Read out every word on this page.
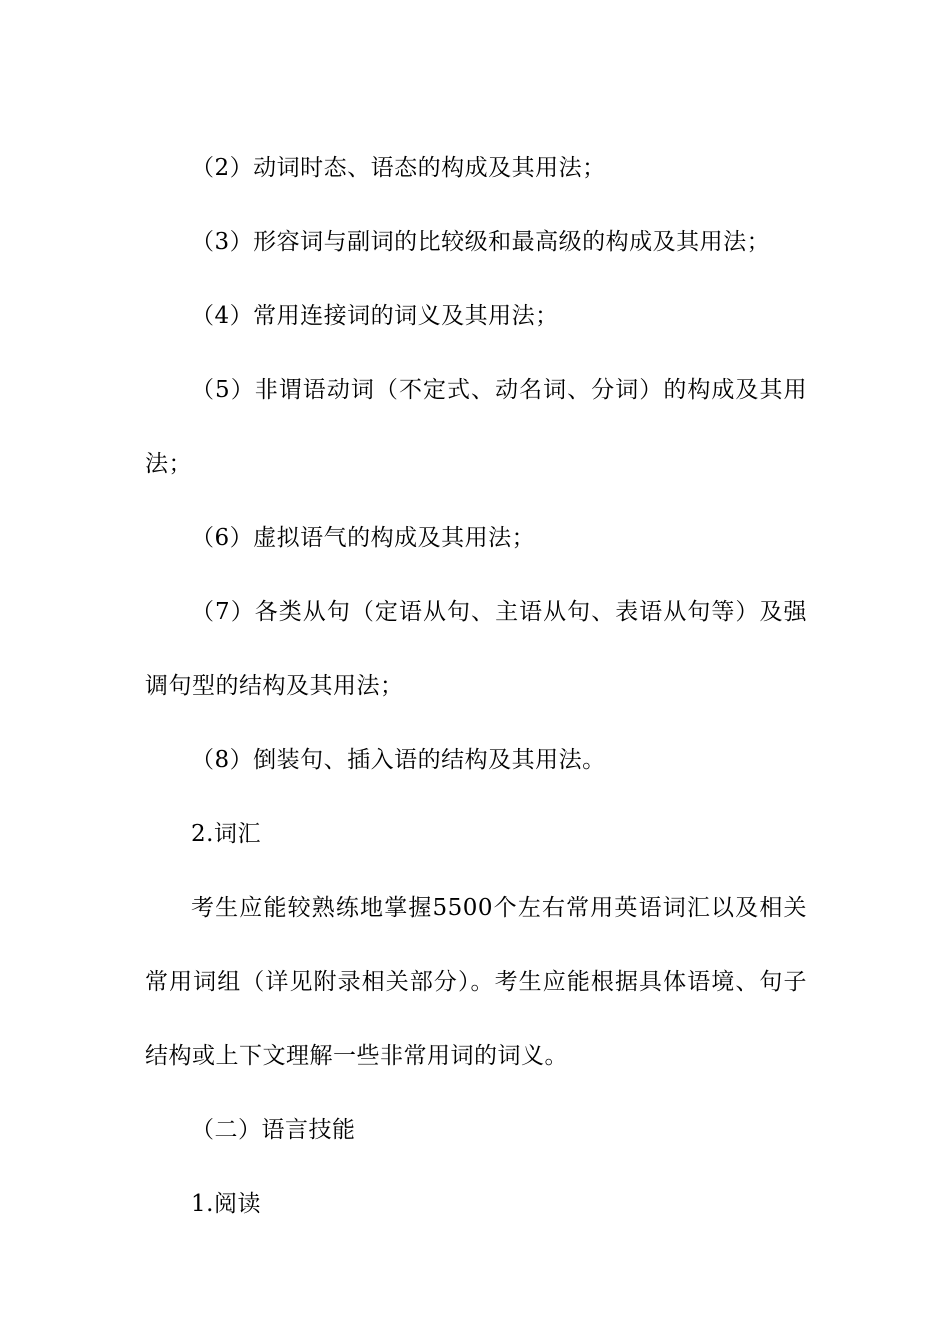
（2）动词时态、语态的构成及其用法；

（3）形容词与副词的比较级和最高级的构成及其用法；

（4）常用连接词的词义及其用法；

（5）非谓语动词（不定式、动名词、分词）的构成及其用法；

（6）虚拟语气的构成及其用法；

（7）各类从句（定语从句、主语从句、表语从句等）及强调句型的结构及其用法；

（8）倒装句、插入语的结构及其用法。

2.词汇

考生应能较熟练地掌握5500个左右常用英语词汇以及相关常用词组（详见附录相关部分）。考生应能根据具体语境、句子结构或上下文理解一些非常用词的词义。

（二）语言技能

1.阅读
